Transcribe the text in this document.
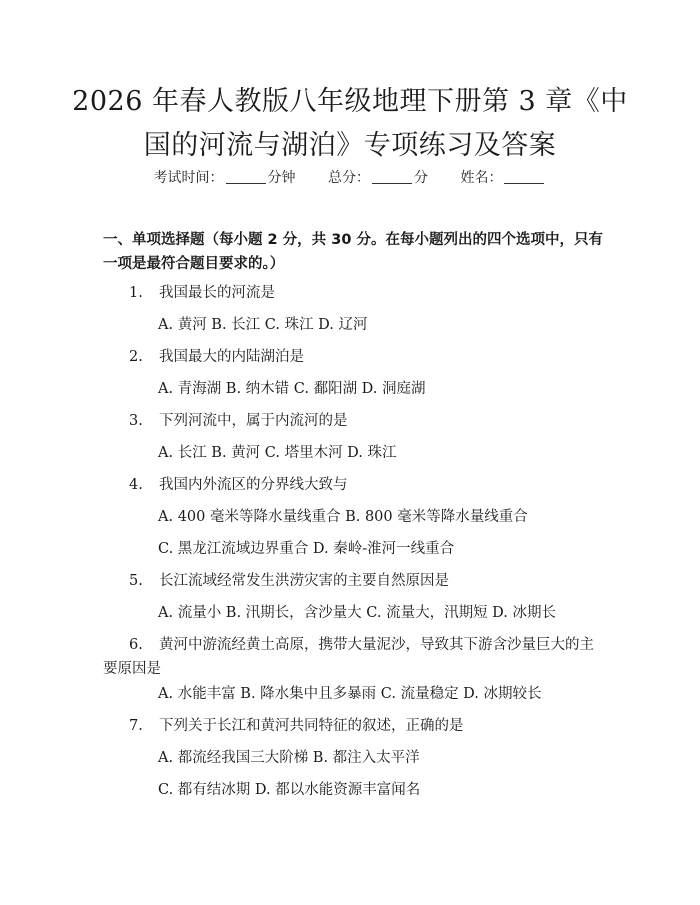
2026 年春人教版八年级地理下册第 3 章《中
国的河流与湖泊》专项练习及答案
考试时间：	分钟 总分：	分 姓名：
一、单项选择题（每小题 2 分，共 30 分。在每小题列出的四个选项中，只有一项是最符合题目要求的。）
1. 我国最长的河流是
A. 黄河 B. 长江 C. 珠江 D. 辽河
2. 我国最大的内陆湖泊是
A. 青海湖 B. 纳木错 C. 鄱阳湖 D. 洞庭湖
3. 下列河流中，属于内流河的是
A. 长江 B. 黄河 C. 塔里木河 D. 珠江
4. 我国内外流区的分界线大致与
A. 400 毫米等降水量线重合 B. 800 毫米等降水量线重合
C. 黑龙江流域边界重合 D. 秦岭-淮河一线重合
5. 长江流域经常发生洪涝灾害的主要自然原因是
A. 流量小 B. 汛期长，含沙量大 C. 流量大，汛期短 D. 冰期长
6. 黄河中游流经黄土高原，携带大量泥沙，导致其下游含沙量巨大的主要原因是
A. 水能丰富 B. 降水集中且多暴雨 C. 流量稳定 D. 冰期较长
7. 下列关于长江和黄河共同特征的叙述，正确的是
A. 都流经我国三大阶梯 B. 都注入太平洋
C. 都有结冰期 D. 都以水能资源丰富闻名
